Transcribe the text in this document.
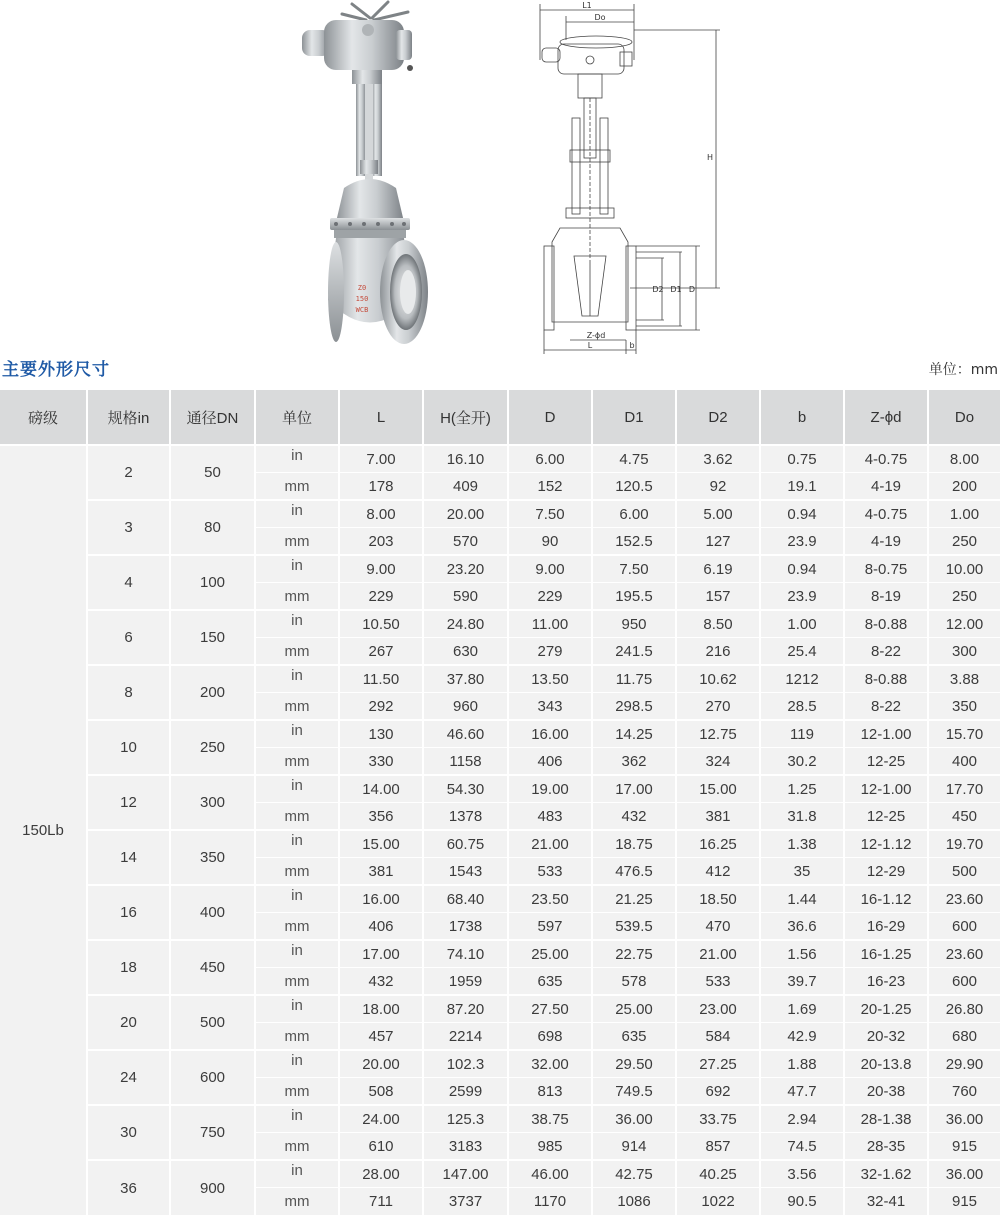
Z0
150
WCB
L1
Do
H
D2 D1 D
Z-ϕd
L	b
主要外形尺寸	单位：mm
磅级	规格in	通径DN	单位	L	H(全开)	D	D1	D2	b	Z-ϕd	Do
150Lb	2	50	in	7.00	16.10	6.00	4.75	3.62	0.75	4-0.75	8.00
			mm	178	409	152	120.5	92	19.1	4-19	200
	3	80	in	8.00	20.00	7.50	6.00	5.00	0.94	4-0.75	1.00
			mm	203	570	90	152.5	127	23.9	4-19	250
	4	100	in	9.00	23.20	9.00	7.50	6.19	0.94	8-0.75	10.00
			mm	229	590	229	195.5	157	23.9	8-19	250
	6	150	in	10.50	24.80	11.00	950	8.50	1.00	8-0.88	12.00
			mm	267	630	279	241.5	216	25.4	8-22	300
	8	200	in	11.50	37.80	13.50	11.75	10.62	1212	8-0.88	3.88
			mm	292	960	343	298.5	270	28.5	8-22	350
	10	250	in	130	46.60	16.00	14.25	12.75	119	12-1.00	15.70
			mm	330	1158	406	362	324	30.2	12-25	400
	12	300	in	14.00	54.30	19.00	17.00	15.00	1.25	12-1.00	17.70
			mm	356	1378	483	432	381	31.8	12-25	450
	14	350	in	15.00	60.75	21.00	18.75	16.25	1.38	12-1.12	19.70
			mm	381	1543	533	476.5	412	35	12-29	500
	16	400	in	16.00	68.40	23.50	21.25	18.50	1.44	16-1.12	23.60
			mm	406	1738	597	539.5	470	36.6	16-29	600
	18	450	in	17.00	74.10	25.00	22.75	21.00	1.56	16-1.25	23.60
			mm	432	1959	635	578	533	39.7	16-23	600
	20	500	in	18.00	87.20	27.50	25.00	23.00	1.69	20-1.25	26.80
			mm	457	2214	698	635	584	42.9	20-32	680
	24	600	in	20.00	102.3	32.00	29.50	27.25	1.88	20-13.8	29.90
			mm	508	2599	813	749.5	692	47.7	20-38	760
	30	750	in	24.00	125.3	38.75	36.00	33.75	2.94	28-1.38	36.00
			mm	610	3183	985	914	857	74.5	28-35	915
	36	900	in	28.00	147.00	46.00	42.75	40.25	3.56	32-1.62	36.00
			mm	711	3737	1170	1086	1022	90.5	32-41	915
